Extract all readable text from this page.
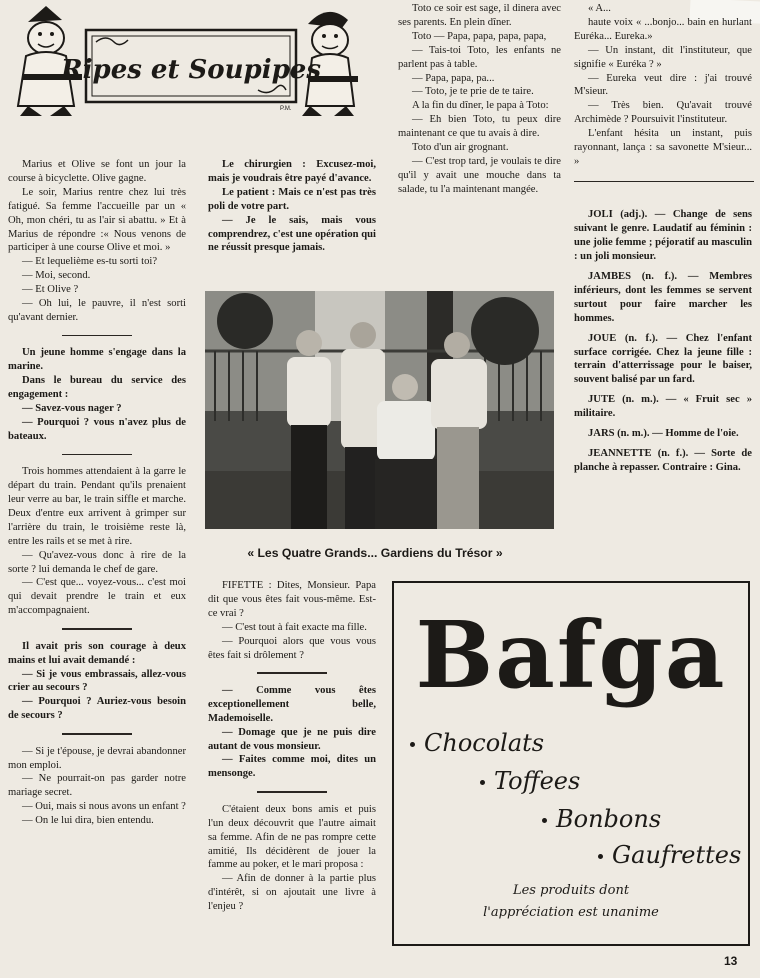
Ripes et Soupipes
P.M.

Marius et Olive se font un jour la course à bicyclette. Olive gagne.

Le soir, Marius rentre chez lui très fatigué. Sa femme l'accueille par un « Oh, mon chéri, tu as l'air si abattu. » Et à Marius de répondre :« Nous venons de participer à une course Olive et moi. »

— Et lequelième es-tu sorti toi?

— Moi, second.

— Et Olive ?

— Oh lui, le pauvre, il n'est sorti qu'avant dernier.

Un jeune homme s'engage dans la marine.

Dans le bureau du service des engagement :

— Savez-vous nager ?

— Pourquoi ? vous n'avez plus de bateaux.

Trois hommes attendaient à la garre le départ du train. Pendant qu'ils prenaient leur verre au bar, le train siffle et marche. Deux d'entre eux arrivent à grimper sur l'arrière du train, le troisième reste là, entre les rails et se met à rire.

— Qu'avez-vous donc à rire de la sorte ? lui demanda le chef de gare.

— C'est que... voyez-vous... c'est moi qui devait prendre le train et eux m'accompagnaient.

Il avait pris son courage à deux mains et lui avait demandé :

— Si je vous embrassais, allez-vous crier au secours ?

— Pourquoi ? Auriez-vous besoin de secours ?

— Si je t'épouse, je devrai abandonner mon emploi.

— Ne pourrait-on pas garder notre mariage secret.

— Oui, mais si nous avons un enfant ?

— On le lui dira, bien entendu.

Le chirurgien : Excusez-moi, mais je voudrais être payé d'avance.

Le patient : Mais ce n'est pas très poli de votre part.

— Je le sais, mais vous comprendrez, c'est une opération qui ne réussit presque jamais.

Toto ce soir est sage, il dinera avec ses parents. En plein dîner.

Toto — Papa, papa, papa, papa,

— Tais-toi Toto, les enfants ne parlent pas à table.

— Papa, papa, pa...

— Toto, je te prie de te taire.

A la fin du dîner, le papa à Toto:

— Eh bien Toto, tu peux dire maintenant ce que tu avais à dire.

Toto d'un air grognant.

— C'est trop tard, je voulais te dire qu'il y avait une mouche dans ta salade, tu l'a maintenant mangée.

« A...

haute voix « ...bonjo... bain en hurlant Euréka... Eureka.»

— Un instant, dit l'instituteur, que signifie « Euréka ? »

— Eureka veut dire : j'ai trouvé M'sieur.

— Très bien. Qu'avait trouvé Archimède ? Poursuivit l'instituteur.

L'enfant hésita un instant, puis rayonnant, lança : sa savonette M'sieur... »

JOLI (adj.). — Change de sens suivant le genre. Laudatif au féminin : une jolie femme ; péjoratif au masculin : un joli monsieur.

JAMBES (n. f.). — Membres inférieurs, dont les femmes se servent surtout pour faire marcher les hommes.

JOUE (n. f.). — Chez l'enfant surface corrigée. Chez la jeune fille : terrain d'atterrissage pour le baiser, souvent balisé par un fard.

JUTE (n. m.). — « Fruit sec » militaire.

JARS (n. m.). — Homme de l'oie.

JEANNETTE (n. f.). — Sorte de planche à repasser. Contraire : Gina.

« Les Quatre Grands... Gardiens du Trésor »

FIFETTE : Dites, Monsieur. Papa dit que vous êtes fait vous-même. Est-ce vrai ?

— C'est tout à fait exacte ma fille.

— Pourquoi alors que vous vous êtes fait si drôlement ?

— Comme vous êtes exceptionellement belle, Mademoiselle.

— Domage que je ne puis dire autant de vous monsieur.

— Faites comme moi, dites un mensonge.

C'étaient deux bons amis et puis l'un deux découvrit que l'autre aimait sa femme. Afin de ne pas rompre cette amitié, Ils décidèrent de jouer la famme au poker, et le mari proposa :

— Afin de donner à la partie plus d'intérêt, si on ajoutait une livre à l'enjeu ?

Bafga
Chocolats
Toffees
Bonbons
Gaufrettes
Les produits dont
l'appréciation est unanime
13
